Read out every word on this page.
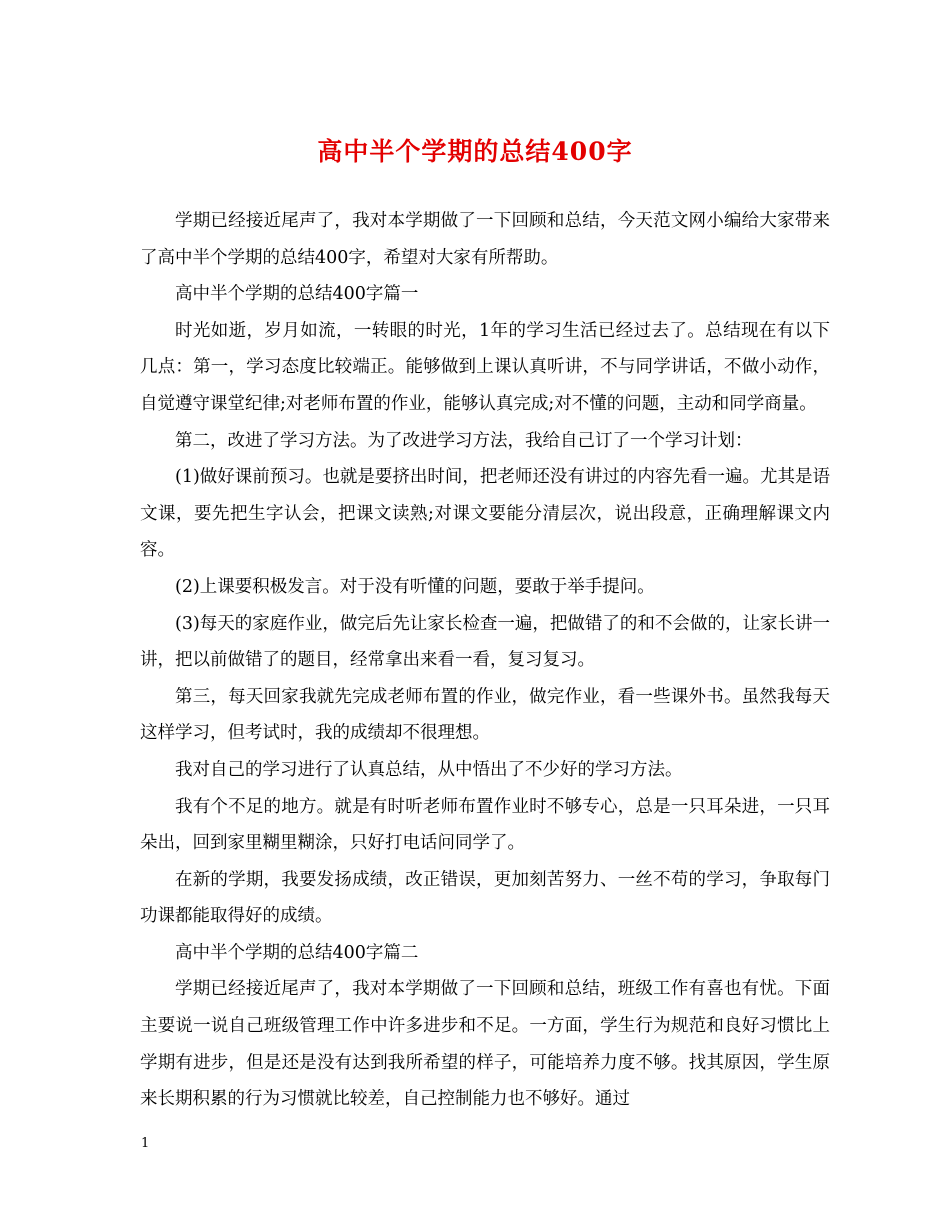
高中半个学期的总结400字

学期已经接近尾声了，我对本学期做了一下回顾和总结，今天范文网小编给大家带来了高中半个学期的总结400字，希望对大家有所帮助。

高中半个学期的总结400字篇一

时光如逝，岁月如流，一转眼的时光，1年的学习生活已经过去了。总结现在有以下几点：第一，学习态度比较端正。能够做到上课认真听讲，不与同学讲话，不做小动作，自觉遵守课堂纪律;对老师布置的作业，能够认真完成;对不懂的问题，主动和同学商量。

第二，改进了学习方法。为了改进学习方法，我给自己订了一个学习计划：

(1)做好课前预习。也就是要挤出时间，把老师还没有讲过的内容先看一遍。尤其是语文课，要先把生字认会，把课文读熟;对课文要能分清层次，说出段意，正确理解课文内容。

(2)上课要积极发言。对于没有听懂的问题，要敢于举手提问。

(3)每天的家庭作业，做完后先让家长检查一遍，把做错了的和不会做的，让家长讲一讲，把以前做错了的题目，经常拿出来看一看，复习复习。

第三，每天回家我就先完成老师布置的作业，做完作业，看一些课外书。虽然我每天这样学习，但考试时，我的成绩却不很理想。

我对自己的学习进行了认真总结，从中悟出了不少好的学习方法。

我有个不足的地方。就是有时听老师布置作业时不够专心，总是一只耳朵进，一只耳朵出，回到家里糊里糊涂，只好打电话问同学了。

在新的学期，我要发扬成绩，改正错误，更加刻苦努力、一丝不苟的学习，争取每门功课都能取得好的成绩。

高中半个学期的总结400字篇二

学期已经接近尾声了，我对本学期做了一下回顾和总结，班级工作有喜也有忧。下面主要说一说自己班级管理工作中许多进步和不足。一方面，学生行为规范和良好习惯比上学期有进步，但是还是没有达到我所希望的样子，可能培养力度不够。找其原因，学生原来长期积累的行为习惯就比较差，自己控制能力也不够好。通过

1
